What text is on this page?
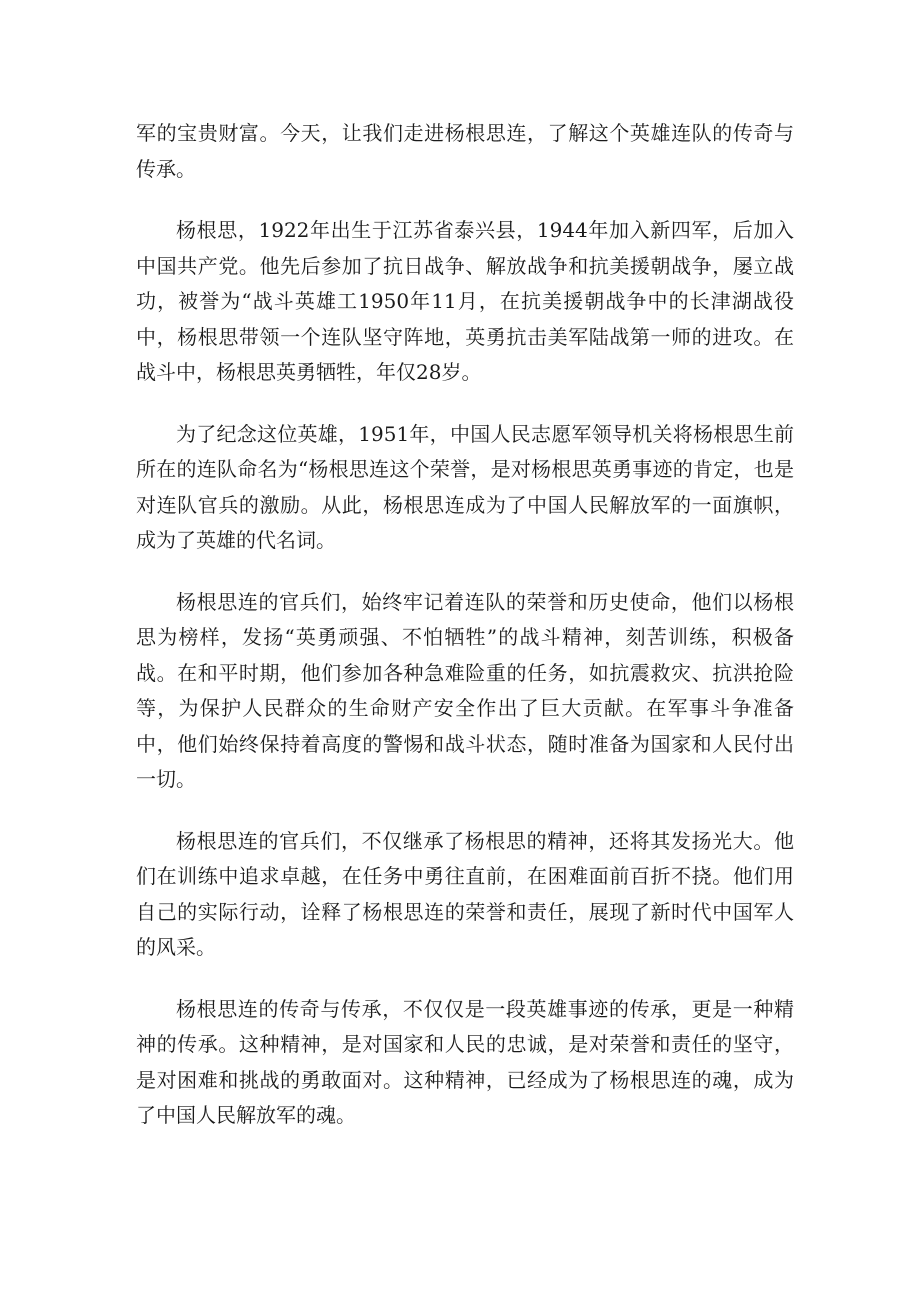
军的宝贵财富。今天，让我们走进杨根思连，了解这个英雄连队的传奇与传承。

杨根思，1922年出生于江苏省泰兴县，1944年加入新四军，后加入中国共产党。他先后参加了抗日战争、解放战争和抗美援朝战争，屡立战功，被誉为“战斗英雄工1950年11月，在抗美援朝战争中的长津湖战役中，杨根思带领一个连队坚守阵地，英勇抗击美军陆战第一师的进攻。在战斗中，杨根思英勇牺牲，年仅28岁。

为了纪念这位英雄，1951年，中国人民志愿军领导机关将杨根思生前所在的连队命名为“杨根思连这个荣誉，是对杨根思英勇事迹的肯定，也是对连队官兵的激励。从此，杨根思连成为了中国人民解放军的一面旗帜，成为了英雄的代名词。

杨根思连的官兵们，始终牢记着连队的荣誉和历史使命，他们以杨根思为榜样，发扬“英勇顽强、不怕牺牲”的战斗精神，刻苦训练，积极备战。在和平时期，他们参加各种急难险重的任务，如抗震救灾、抗洪抢险等，为保护人民群众的生命财产安全作出了巨大贡献。在军事斗争准备中，他们始终保持着高度的警惕和战斗状态，随时准备为国家和人民付出一切。

杨根思连的官兵们，不仅继承了杨根思的精神，还将其发扬光大。他们在训练中追求卓越，在任务中勇往直前，在困难面前百折不挠。他们用自己的实际行动，诠释了杨根思连的荣誉和责任，展现了新时代中国军人的风采。

杨根思连的传奇与传承，不仅仅是一段英雄事迹的传承，更是一种精神的传承。这种精神，是对国家和人民的忠诚，是对荣誉和责任的坚守，是对困难和挑战的勇敢面对。这种精神，已经成为了杨根思连的魂，成为了中国人民解放军的魂。
